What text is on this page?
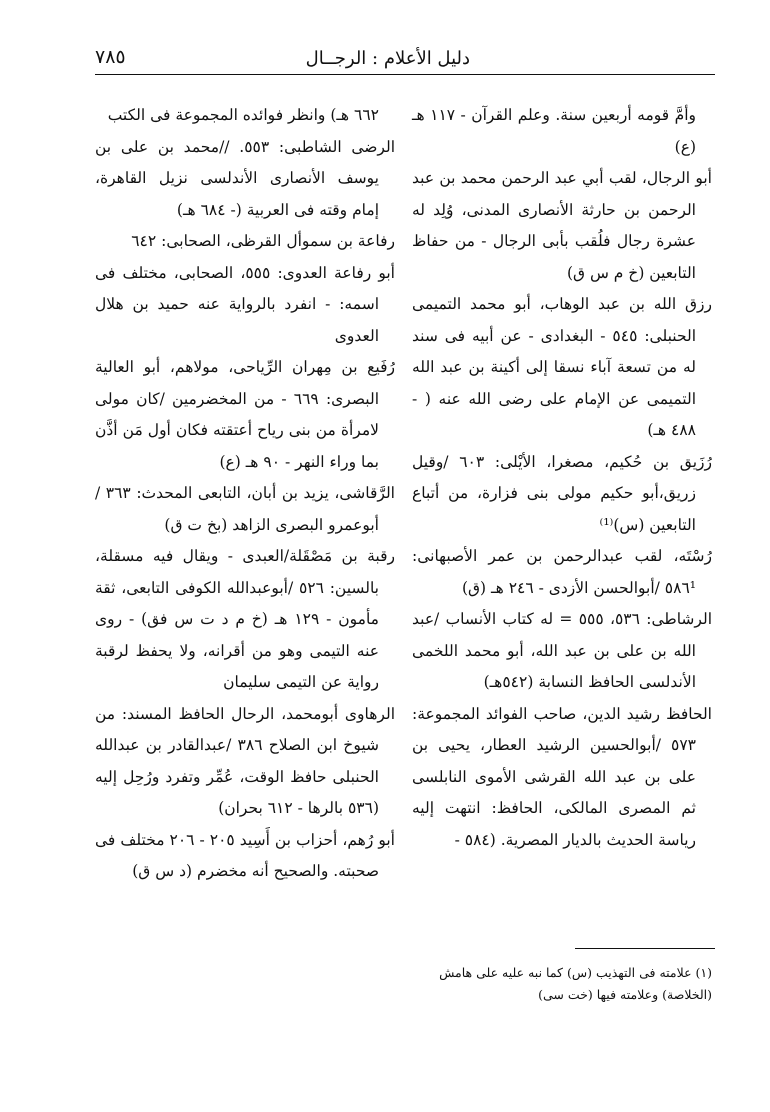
٧٨٥	دليل الأعلام : الرجــال

وأمَّ قومه أربعين سنة. وعلم القرآن - ١١٧ هـ (ع)

أبو الرجال، لقب أبي عبد الرحمن محمد بن عبد الرحمن بن حارثة الأنصارى المدنى، وُلِد له عشرة رجال فلُقب بأبى الرجال - من حفاظ التابعين (خ م س ق)

رزق الله بن عبد الوهاب، أبو محمد التميمى الحنبلى: ٥٤٥ - البغدادى - عن أبيه فى سند له من تسعة آباء نسقا إلى أكينة بن عبد الله التميمى عن الإمام على رضى الله عنه ( - ٤٨٨ هـ)

رُزَيق بن حُكيم، مصغرا، الأيْلى: ٦٠٣ /وقيل زريق،أبو حكيم مولى بنى فزارة، من أتباع التابعين (س)⁽¹⁾

رُسْتَه، لقب عبدالرحمن بن عمر الأصبهانى: ٥٨٦¹ /أبوالحسن الأزدى - ٢٤٦ هـ (ق)

الرشاطى: ٥٣٦، ٥٥٥ = له كتاب الأنساب /عبد الله بن على بن عبد الله، أبو محمد اللخمى الأندلسى الحافظ النسابة (٥٤٢هـ)

الحافظ رشيد الدين، صاحب الفوائد المجموعة: ٥٧٣ /أبوالحسين الرشيد العطار، يحيى بن على بن عبد الله القرشى الأموى النابلسى ثم المصرى المالكى، الحافظ: انتهت إليه رياسة الحديث بالديار المصرية. (٥٨٤ -

٦٦٢ هـ) وانظر فوائده المجموعة فى الكتب

الرضى الشاطبى: ٥٥٣. //محمد بن على بن يوسف الأنصارى الأندلسى نزيل القاهرة، إمام وقته فى العربية (- ٦٨٤ هـ)

رفاعة بن سموأل القرظى، الصحابى: ٦٤٢

أبو رفاعة العدوى: ٥٥٥، الصحابى، مختلف فى اسمه: - انفرد بالرواية عنه حميد بن هلال العدوى

رُفَيع بن مِهران الرِّياحى، مولاهم، أبو العالية البصرى: ٦٦٩ - من المخضرمين /كان مولى لامرأة من بنى رياح أعتقته فكان أول مَن أذَّن بما وراء النهر - ٩٠ هـ (ع)

الرَّقاشى، يزيد بن أبان، التابعى المحدث: ٣٦٣ /أبوعمرو البصرى الزاهد (بخ ت ق)

رقبة بن مَصْقَلة/العبدى - ويقال فيه مسقلة، بالسين: ٥٢٦ /أبوعبدالله الكوفى التابعى، ثقة مأمون - ١٢٩ هـ (خ م د ت س فق) - روى عنه التيمى وهو من أقرانه، ولا يحفظ لرقبة رواية عن التيمى سليمان

الرهاوى أبومحمد، الرحال الحافظ المسند: من شيوخ ابن الصلاح ٣٨٦ /عبدالقادر بن عبدالله الحنبلى حافظ الوقت، عُمِّر وتفرد ورُحِل إليه (٥٣٦ بالرها - ٦١٢ بحران)

أبو رُهم، أحزاب بن أَسِيد ٢٠٥ - ٢٠٦ مختلف فى صحبته. والصحيح أنه مخضرم (د س ق)

(١) علامته فى التهذيب (س) كما نبه عليه على هامش (الخلاصة) وعلامته فيها (خت سى)
